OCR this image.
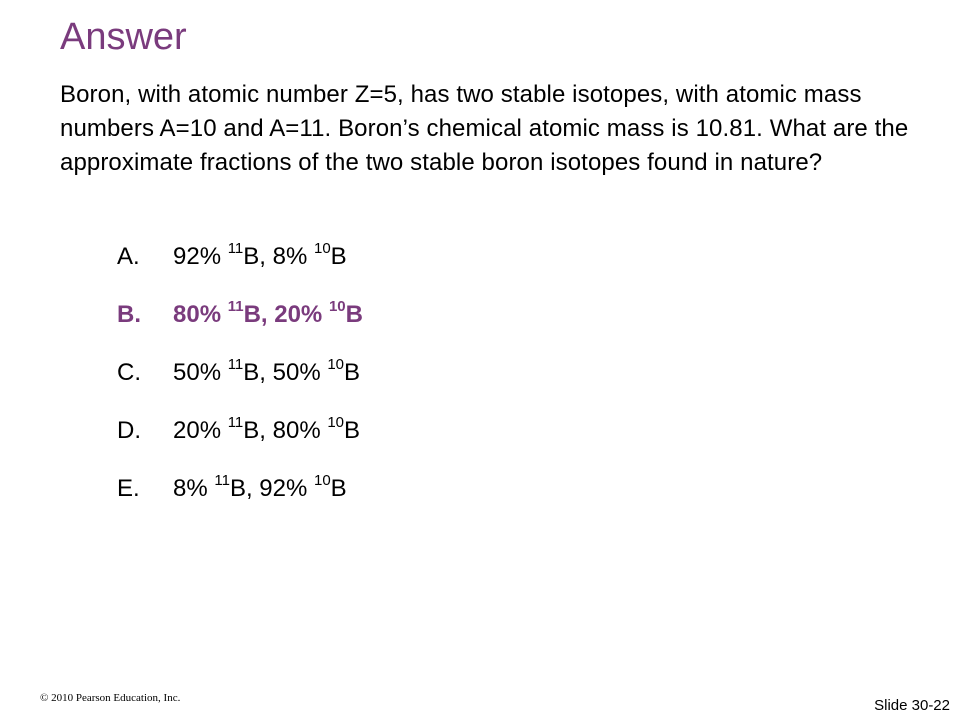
Answer
Boron, with atomic number Z=5, has two stable isotopes, with atomic mass numbers A=10 and A=11. Boron’s chemical atomic mass is 10.81. What are the approximate fractions of the two stable boron isotopes found in nature?
A.	92% $^{11}$B, 8% $^{10}$B
B.	80% $^{11}$B, 20% $^{10}$B
C.	50% $^{11}$B, 50% $^{10}$B
D.	20% $^{11}$B, 80% $^{10}$B
E.	8% $^{11}$B, 92% $^{10}$B
© 2010 Pearson Education, Inc.	Slide 30-22
